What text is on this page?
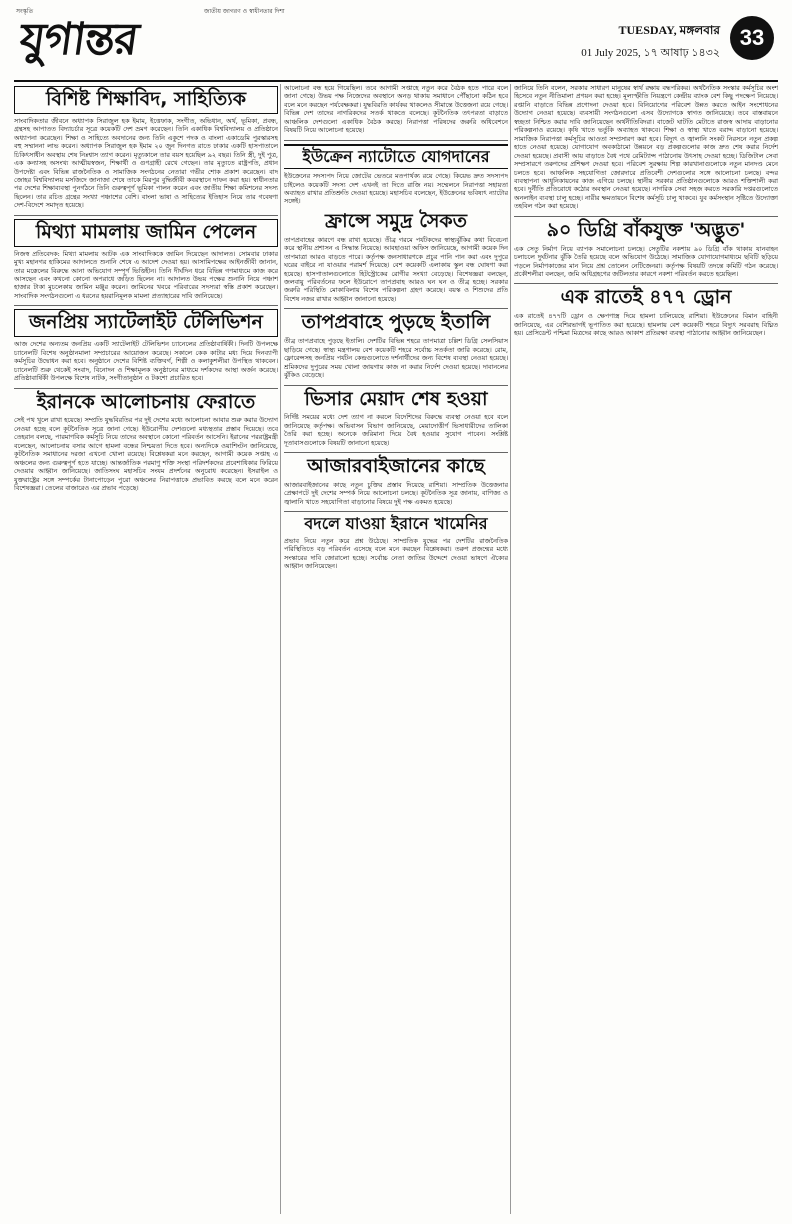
সংস্কৃতি	জাতীয় জাগরণ ও স্বাধীনতার দিশা
যুগান্তর	TUESDAY, মঙ্গলবার
01 July 2025, ১৭ আষাঢ় ১৪৩২
33
বিশিষ্ট শিক্ষাবিদ, সাহিত্যিক
সাংবাদিকতার জীবনে অধ্যাপক সিরাজুল হক ইমাম, ইত্তেফাক, সংগীত, অভিধান, অর্থ, ভূমিকা, প্রবন্ধ, গ্রন্থসহ আপাতত বিদ্যাচর্চার সূত্রে কয়েকটি দেশ ভ্রমণ করেছেন। তিনি একাধিক বিশ্ববিদ্যালয় ও প্রতিষ্ঠানে অধ্যাপনা করেছেন। শিক্ষা ও সাহিত্যে অবদানের জন্য তিনি একুশে পদক ও বাংলা একাডেমি পুরস্কারসহ বহু সম্মাননা লাভ করেন। অধ্যাপক সিরাজুল হক ইমাম ২০ জুন দিনগত রাতে ঢাকার একটি হাসপাতালে চিকিৎসাধীন অবস্থায় শেষ নিঃশ্বাস ত্যাগ করেন। মৃত্যুকালে তার বয়স হয়েছিল ৯২ বছর। তিনি স্ত্রী, দুই পুত্র, এক কন্যাসহ অসংখ্য আত্মীয়স্বজন, শিক্ষার্থী ও গুণগ্রাহী রেখে গেছেন। তার মৃত্যুতে রাষ্ট্রপতি, প্রধান উপদেষ্টা এবং বিভিন্ন রাজনৈতিক ও সামাজিক সংগঠনের নেতারা গভীর শোক প্রকাশ করেছেন। বাদ জোহর বিশ্ববিদ্যালয় মসজিদে জানাজা শেষে তাকে মিরপুর বুদ্ধিজীবী কবরস্থানে দাফন করা হয়। স্বাধীনতার পর দেশের শিক্ষাব্যবস্থা পুনর্গঠনে তিনি গুরুত্বপূর্ণ ভূমিকা পালন করেন এবং জাতীয় শিক্ষা কমিশনের সদস্য ছিলেন। তার রচিত গ্রন্থের সংখ্যা পঞ্চাশের বেশি। বাংলা ভাষা ও সাহিত্যের ইতিহাস নিয়ে তার গবেষণা দেশ-বিদেশে সমাদৃত হয়েছে।
মিথ্যা মামলায় জামিন পেলেন
নিজস্ব প্রতিবেদক: মিথ্যা মামলায় আটক এক সাংবাদিককে জামিন দিয়েছেন আদালত। সোমবার ঢাকার মুখ্য মহানগর হাকিমের আদালতে শুনানি শেষে এ আদেশ দেওয়া হয়। আসামিপক্ষের আইনজীবী জানান, তার মক্কেলের বিরুদ্ধে আনা অভিযোগ সম্পূর্ণ ভিত্তিহীন। তিনি দীর্ঘদিন ধরে বিভিন্ন গণমাধ্যমে কাজ করে আসছেন এবং কখনো কোনো অপরাধে জড়িত ছিলেন না। আদালত উভয় পক্ষের শুনানি নিয়ে পঞ্চাশ হাজার টাকা মুচলেকায় জামিন মঞ্জুর করেন। জামিনের খবরে পরিবারের সদস্যরা স্বস্তি প্রকাশ করেছেন। সাংবাদিক সংগঠনগুলো এ ধরনের হয়রানিমূলক মামলা প্রত্যাহারের দাবি জানিয়েছে।
জনপ্রিয় স্যাটেলাইট টেলিভিশন
আজ দেশের অন্যতম জনপ্রিয় একটি স্যাটেলাইট টেলিভিশন চ্যানেলের প্রতিষ্ঠাবার্ষিকী। দিনটি উপলক্ষে চ্যানেলটি বিশেষ অনুষ্ঠানমালা সম্প্রচারের আয়োজন করেছে। সকালে কেক কাটার মধ্য দিয়ে দিনব্যাপী কর্মসূচির উদ্বোধন করা হবে। অনুষ্ঠানে দেশের বিশিষ্ট ব্যক্তিবর্গ, শিল্পী ও কলাকুশলীরা উপস্থিত থাকবেন। চ্যানেলটি শুরু থেকেই সংবাদ, বিনোদন ও শিক্ষামূলক অনুষ্ঠানের মাধ্যমে দর্শকদের আস্থা অর্জন করেছে। প্রতিষ্ঠাবার্ষিকী উপলক্ষে বিশেষ নাটক, সংগীতানুষ্ঠান ও টকশো প্রচারিত হবে।
ইরানকে আলোচনায় ফেরাতে
সেই পথ খুলে রাখা হয়েছে। সম্প্রতি যুদ্ধবিরতির পর দুই দেশের মধ্যে আলোচনা আবার শুরু করার উদ্যোগ নেওয়া হচ্ছে বলে কূটনৈতিক সূত্রে জানা গেছে। ইউরোপীয় দেশগুলো মধ্যস্থতার প্রস্তাব দিয়েছে। তবে তেহরান বলছে, পারমাণবিক কর্মসূচি নিয়ে তাদের অবস্থানে কোনো পরিবর্তন আসেনি। ইরানের পররাষ্ট্রমন্ত্রী বলেছেন, আলোচনায় বসার আগে হামলা বন্ধের নিশ্চয়তা দিতে হবে। অন্যদিকে ওয়াশিংটন জানিয়েছে, কূটনৈতিক সমাধানের দরজা এখনো খোলা রয়েছে। বিশ্লেষকরা মনে করছেন, আগামী কয়েক সপ্তাহ এ অঞ্চলের জন্য গুরুত্বপূর্ণ হতে যাচ্ছে। আন্তর্জাতিক পরমাণু শক্তি সংস্থা পরিদর্শকদের প্রবেশাধিকার ফিরিয়ে দেওয়ার আহ্বান জানিয়েছে। জাতিসংঘ মহাসচিব সংযম প্রদর্শনের অনুরোধ করেছেন। ইসরাইল ও যুক্তরাষ্ট্রের সঙ্গে সম্পর্কের টানাপোড়েন পুরো অঞ্চলের নিরাপত্তাকে প্রভাবিত করছে বলে মনে করেন বিশেষজ্ঞরা। তেলের বাজারেও এর প্রভাব পড়েছে।
আলোচনা বন্ধ হয়ে গিয়েছিল। তবে আগামী সপ্তাহে নতুন করে বৈঠক হতে পারে বলে জানা গেছে। উভয় পক্ষ নিজেদের অবস্থানে অনড় থাকায় সমাধানে পৌঁছানো কঠিন হবে বলে মনে করছেন পর্যবেক্ষকরা। যুদ্ধবিরতি কার্যকর থাকলেও সীমান্তে উত্তেজনা রয়ে গেছে। বিভিন্ন দেশ তাদের নাগরিকদের সতর্ক থাকতে বলেছে। কূটনৈতিক তৎপরতা বাড়াতে আঞ্চলিক দেশগুলো একাধিক বৈঠক করছে। নিরাপত্তা পরিষদের জরুরি অধিবেশনে বিষয়টি নিয়ে আলোচনা হয়েছে।
ইউক্রেন ন্যাটোতে যোগদানের
ইউক্রেনের সদস্যপদ নিয়ে জোটের ভেতরে মতপার্থক্য রয়ে গেছে। কিয়েভ দ্রুত সদস্যপদ চাইলেও কয়েকটি সদস্য দেশ এখনই তা দিতে রাজি নয়। সম্মেলনে নিরাপত্তা সহায়তা অব্যাহত রাখার প্রতিশ্রুতি দেওয়া হয়েছে। মহাসচিব বলেছেন, ইউক্রেনের ভবিষ্যৎ ন্যাটোর সঙ্গেই।
ফ্রান্সে সমুদ্র সৈকত
তাপপ্রবাহের কারণে বন্ধ রাখা হয়েছে। তীব্র গরমে পর্যটকদের স্বাস্থ্যঝুঁকির কথা বিবেচনা করে স্থানীয় প্রশাসন এ সিদ্ধান্ত নিয়েছে। আবহাওয়া অফিস জানিয়েছে, আগামী কয়েক দিন তাপমাত্রা আরও বাড়তে পারে। কর্তৃপক্ষ জনসাধারণকে প্রচুর পানি পান করা এবং দুপুরে ঘরের বাইরে না যাওয়ার পরামর্শ দিয়েছে। বেশ কয়েকটি এলাকায় স্কুল বন্ধ ঘোষণা করা হয়েছে। হাসপাতালগুলোতে হিটস্ট্রোকের রোগীর সংখ্যা বেড়েছে। বিশেষজ্ঞরা বলছেন, জলবায়ু পরিবর্তনের ফলে ইউরোপে তাপপ্রবাহ আরও ঘন ঘন ও তীব্র হচ্ছে। সরকার জরুরি পরিস্থিতি মোকাবিলায় বিশেষ পরিকল্পনা গ্রহণ করেছে। বয়স্ক ও শিশুদের প্রতি বিশেষ নজর রাখার আহ্বান জানানো হয়েছে।
তাপপ্রবাহে পুড়ছে ইতালি
তীব্র তাপপ্রবাহে পুড়ছে ইতালি। দেশটির বিভিন্ন শহরে তাপমাত্রা চল্লিশ ডিগ্রি সেলসিয়াস ছাড়িয়ে গেছে। স্বাস্থ্য মন্ত্রণালয় বেশ কয়েকটি শহরে সর্বোচ্চ সতর্কতা জারি করেছে। রোম, ফ্লোরেন্সসহ জনপ্রিয় পর্যটন কেন্দ্রগুলোতে দর্শনার্থীদের জন্য বিশেষ ব্যবস্থা নেওয়া হয়েছে। শ্রমিকদের দুপুরের সময় খোলা জায়গায় কাজ না করার নির্দেশ দেওয়া হয়েছে। দাবানলের ঝুঁকিও বেড়েছে।
ভিসার মেয়াদ শেষ হওয়া
নির্দিষ্ট সময়ের মধ্যে দেশ ত্যাগ না করলে বিদেশিদের বিরুদ্ধে ব্যবস্থা নেওয়া হবে বলে জানিয়েছে কর্তৃপক্ষ। অভিবাসন বিভাগ জানিয়েছে, মেয়াদোত্তীর্ণ ভিসাধারীদের তালিকা তৈরি করা হচ্ছে। অনেকে জরিমানা দিয়ে বৈধ হওয়ার সুযোগ পাবেন। সংশ্লিষ্ট দূতাবাসগুলোকে বিষয়টি জানানো হয়েছে।
আজারবাইজানের কাছে
আজারবাইজানের কাছে নতুন চুক্তির প্রস্তাব দিয়েছে রাশিয়া। সাম্প্রতিক উত্তেজনার প্রেক্ষাপটে দুই দেশের সম্পর্ক নিয়ে আলোচনা চলছে। কূটনৈতিক সূত্র জানায়, বাণিজ্য ও জ্বালানি খাতে সহযোগিতা বাড়ানোর বিষয়ে দুই পক্ষ একমত হয়েছে।
বদলে যাওয়া ইরানে খামেনির
প্রভাব নিয়ে নতুন করে প্রশ্ন উঠেছে। সাম্প্রতিক যুদ্ধের পর দেশটির রাজনৈতিক পরিস্থিতিতে বড় পরিবর্তন এসেছে বলে মনে করছেন বিশ্লেষকরা। তরুণ প্রজন্মের মধ্যে সংস্কারের দাবি জোরালো হচ্ছে। সর্বোচ্চ নেতা জাতির উদ্দেশে দেওয়া ভাষণে ঐক্যের আহ্বান জানিয়েছেন।
জানিয়ে তিনি বলেন, সরকার সাধারণ মানুষের স্বার্থ রক্ষায় বদ্ধপরিকর। অর্থনৈতিক সংস্কার কর্মসূচির অংশ হিসেবে নতুন নীতিমালা প্রণয়ন করা হচ্ছে। মূল্যস্ফীতি নিয়ন্ত্রণে কেন্দ্রীয় ব্যাংক বেশ কিছু পদক্ষেপ নিয়েছে। রপ্তানি বাড়াতে বিভিন্ন প্রণোদনা দেওয়া হবে। বিনিয়োগের পরিবেশ উন্নত করতে আইন সংশোধনের উদ্যোগ নেওয়া হয়েছে। ব্যবসায়ী সংগঠনগুলো এসব উদ্যোগকে স্বাগত জানিয়েছে। তবে বাস্তবায়নে স্বচ্ছতা নিশ্চিত করার দাবি জানিয়েছেন অর্থনীতিবিদরা। বাজেট ঘাটতি মেটাতে রাজস্ব আদায় বাড়ানোর পরিকল্পনাও রয়েছে। কৃষি খাতে ভর্তুকি অব্যাহত থাকবে। শিক্ষা ও স্বাস্থ্য খাতে বরাদ্দ বাড়ানো হয়েছে। সামাজিক নিরাপত্তা কর্মসূচির আওতা সম্প্রসারণ করা হবে। বিদ্যুৎ ও জ্বালানি সংকট নিরসনে নতুন প্রকল্প হাতে নেওয়া হয়েছে। যোগাযোগ অবকাঠামো উন্নয়নে বড় প্রকল্পগুলোর কাজ দ্রুত শেষ করার নির্দেশ দেওয়া হয়েছে। প্রবাসী আয় বাড়াতে বৈধ পথে রেমিট্যান্স পাঠানোয় উৎসাহ দেওয়া হচ্ছে। ডিজিটাল সেবা সম্প্রসারণে তরুণদের প্রশিক্ষণ দেওয়া হবে। পরিবেশ সুরক্ষায় শিল্প কারখানাগুলোকে নতুন মানদণ্ড মেনে চলতে হবে। আঞ্চলিক সহযোগিতা জোরদারে প্রতিবেশী দেশগুলোর সঙ্গে আলোচনা চলছে। বন্দর ব্যবস্থাপনা আধুনিকায়নের কাজ এগিয়ে চলছে। স্থানীয় সরকার প্রতিষ্ঠানগুলোকে আরও শক্তিশালী করা হবে। দুর্নীতি প্রতিরোধে কঠোর অবস্থান নেওয়া হয়েছে। নাগরিক সেবা সহজ করতে সরকারি দপ্তরগুলোতে অনলাইন ব্যবস্থা চালু হচ্ছে। নারীর ক্ষমতায়নে বিশেষ কর্মসূচি চালু থাকবে। যুব কর্মসংস্থান সৃষ্টিতে উদ্যোক্তা তহবিল গঠন করা হয়েছে।
৯০ ডিগ্রি বাঁকযুক্ত 'অদ্ভুত'
এক সেতু নির্মাণ নিয়ে ব্যাপক সমালোচনা চলছে। সেতুটির নকশায় ৯০ ডিগ্রি বাঁক থাকায় যানবাহন চলাচলে দুর্ঘটনার ঝুঁকি তৈরি হয়েছে বলে অভিযোগ উঠেছে। সামাজিক যোগাযোগমাধ্যমে ছবিটি ছড়িয়ে পড়লে নির্মাণকাজের মান নিয়ে প্রশ্ন তোলেন নেটিজেনরা। কর্তৃপক্ষ বিষয়টি তদন্তে কমিটি গঠন করেছে। প্রকৌশলীরা বলছেন, জমি অধিগ্রহণের জটিলতার কারণে নকশা পরিবর্তন করতে হয়েছিল।
এক রাতেই ৪৭৭ ড্রোন
এক রাতেই ৪৭৭টি ড্রোন ও ক্ষেপণাস্ত্র দিয়ে হামলা চালিয়েছে রাশিয়া। ইউক্রেনের বিমান বাহিনী জানিয়েছে, এর বেশিরভাগই ভূপাতিত করা হয়েছে। হামলায় বেশ কয়েকটি শহরে বিদ্যুৎ সরবরাহ বিঘ্নিত হয়। প্রেসিডেন্ট পশ্চিমা মিত্রদের কাছে আরও আকাশ প্রতিরক্ষা ব্যবস্থা পাঠানোর আহ্বান জানিয়েছেন।
